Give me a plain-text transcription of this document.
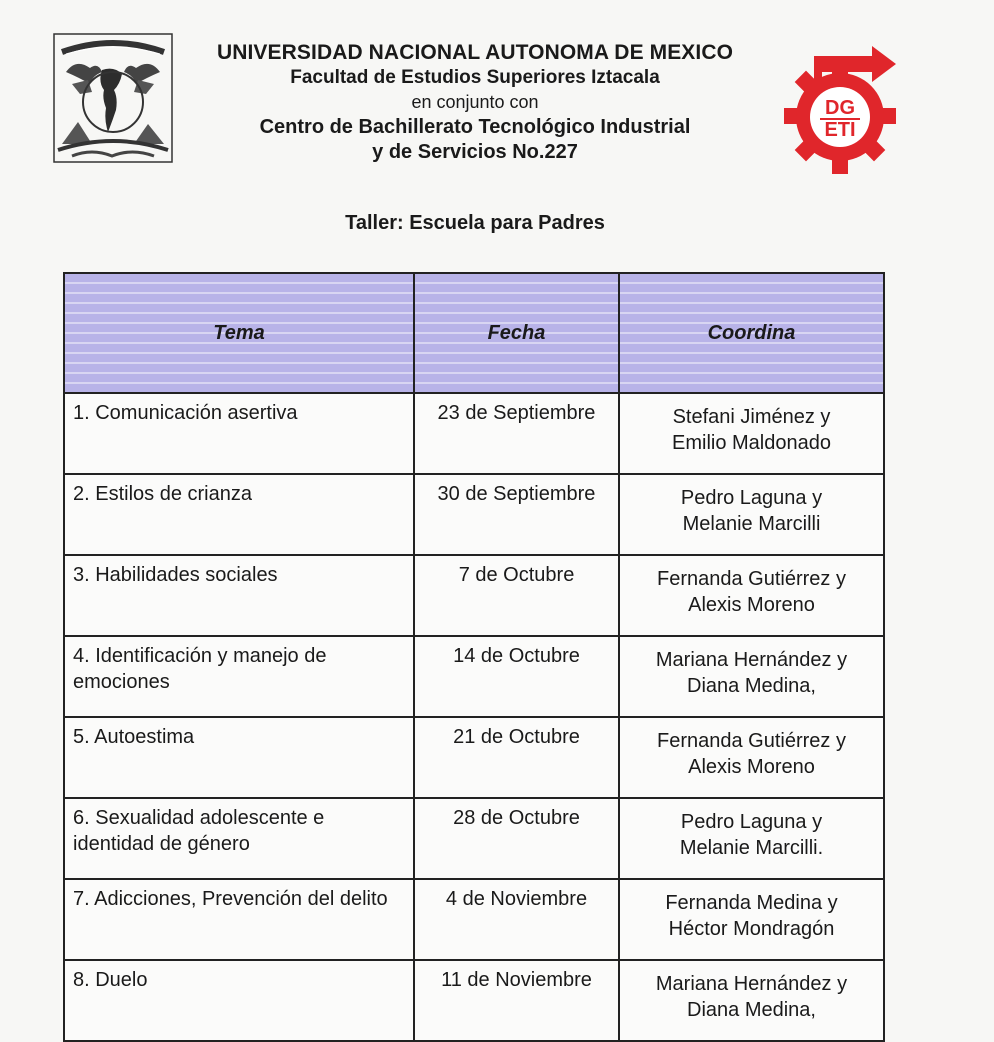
DG
ETI
UNIVERSIDAD NACIONAL AUTONOMA DE MEXICO
Facultad de Estudios Superiores Iztacala
en conjunto con
Centro de Bachillerato Tecnológico Industrial
y de Servicios No.227
Taller: Escuela para Padres
Tema	Fecha	Coordina
1. Comunicación asertiva	23 de Septiembre	Stefani Jiménez y
Emilio Maldonado

2. Estilos de crianza	30 de Septiembre	Pedro Laguna y
Melanie Marcilli

3. Habilidades sociales	7 de Octubre	Fernanda Gutiérrez y
Alexis Moreno

4. Identificación y manejo de emociones	14 de Octubre	Mariana Hernández y
Diana Medina,

5. Autoestima	21 de Octubre	Fernanda Gutiérrez y
Alexis Moreno

6. Sexualidad adolescente e identidad de género	28 de Octubre	Pedro Laguna y
Melanie Marcilli.

7. Adicciones, Prevención del delito	4 de Noviembre	Fernanda Medina y
Héctor Mondragón

8. Duelo	11 de Noviembre	Mariana Hernández y
Diana Medina,
